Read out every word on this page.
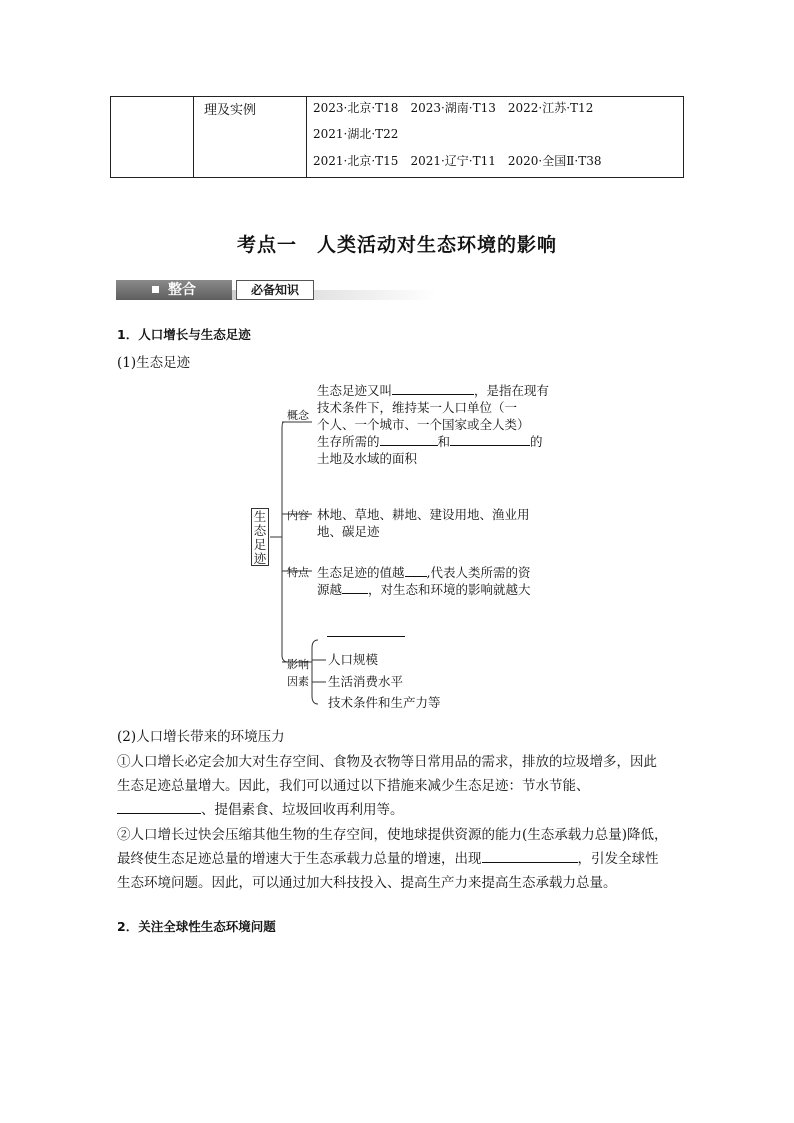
理及实例	2023·北京·T18　2023·湖南·T13　2022·江苏·T12
2021·湖北·T22
2021·北京·T15　2021·辽宁·T11　2020·全国Ⅱ·T38
考点一　人类活动对生态环境的影响
整合	必备知识
1．人口增长与生态足迹
(1)生态足迹
生态足迹
概念
内容
特点
影响
因素
生态足迹又叫	，是指在现有
技术条件下，维持某一人口单位（一
个人、一个城市、一个国家或全人类）
生存所需的	和	的
土地及水域的面积
林地、草地、耕地、建设用地、渔业用
地、碳足迹
生态足迹的值越 ,代表人类所需的资
源越 ，对生态和环境的影响就越大
人口规模
生活消费水平
技术条件和生产力等
(2)人口增长带来的环境压力
①人口增长必定会加大对生存空间、食物及衣物等日常用品的需求，排放的垃圾增多，因此
生态足迹总量增大。因此，我们可以通过以下措施来减少生态足迹：节水节能、
、提倡素食、垃圾回收再利用等。
②人口增长过快会压缩其他生物的生存空间，使地球提供资源的能力(生态承载力总量)降低，
最终使生态足迹总量的增速大于生态承载力总量的增速，出现	，引发全球性
生态环境问题。因此，可以通过加大科技投入、提高生产力来提高生态承载力总量。
2．关注全球性生态环境问题
